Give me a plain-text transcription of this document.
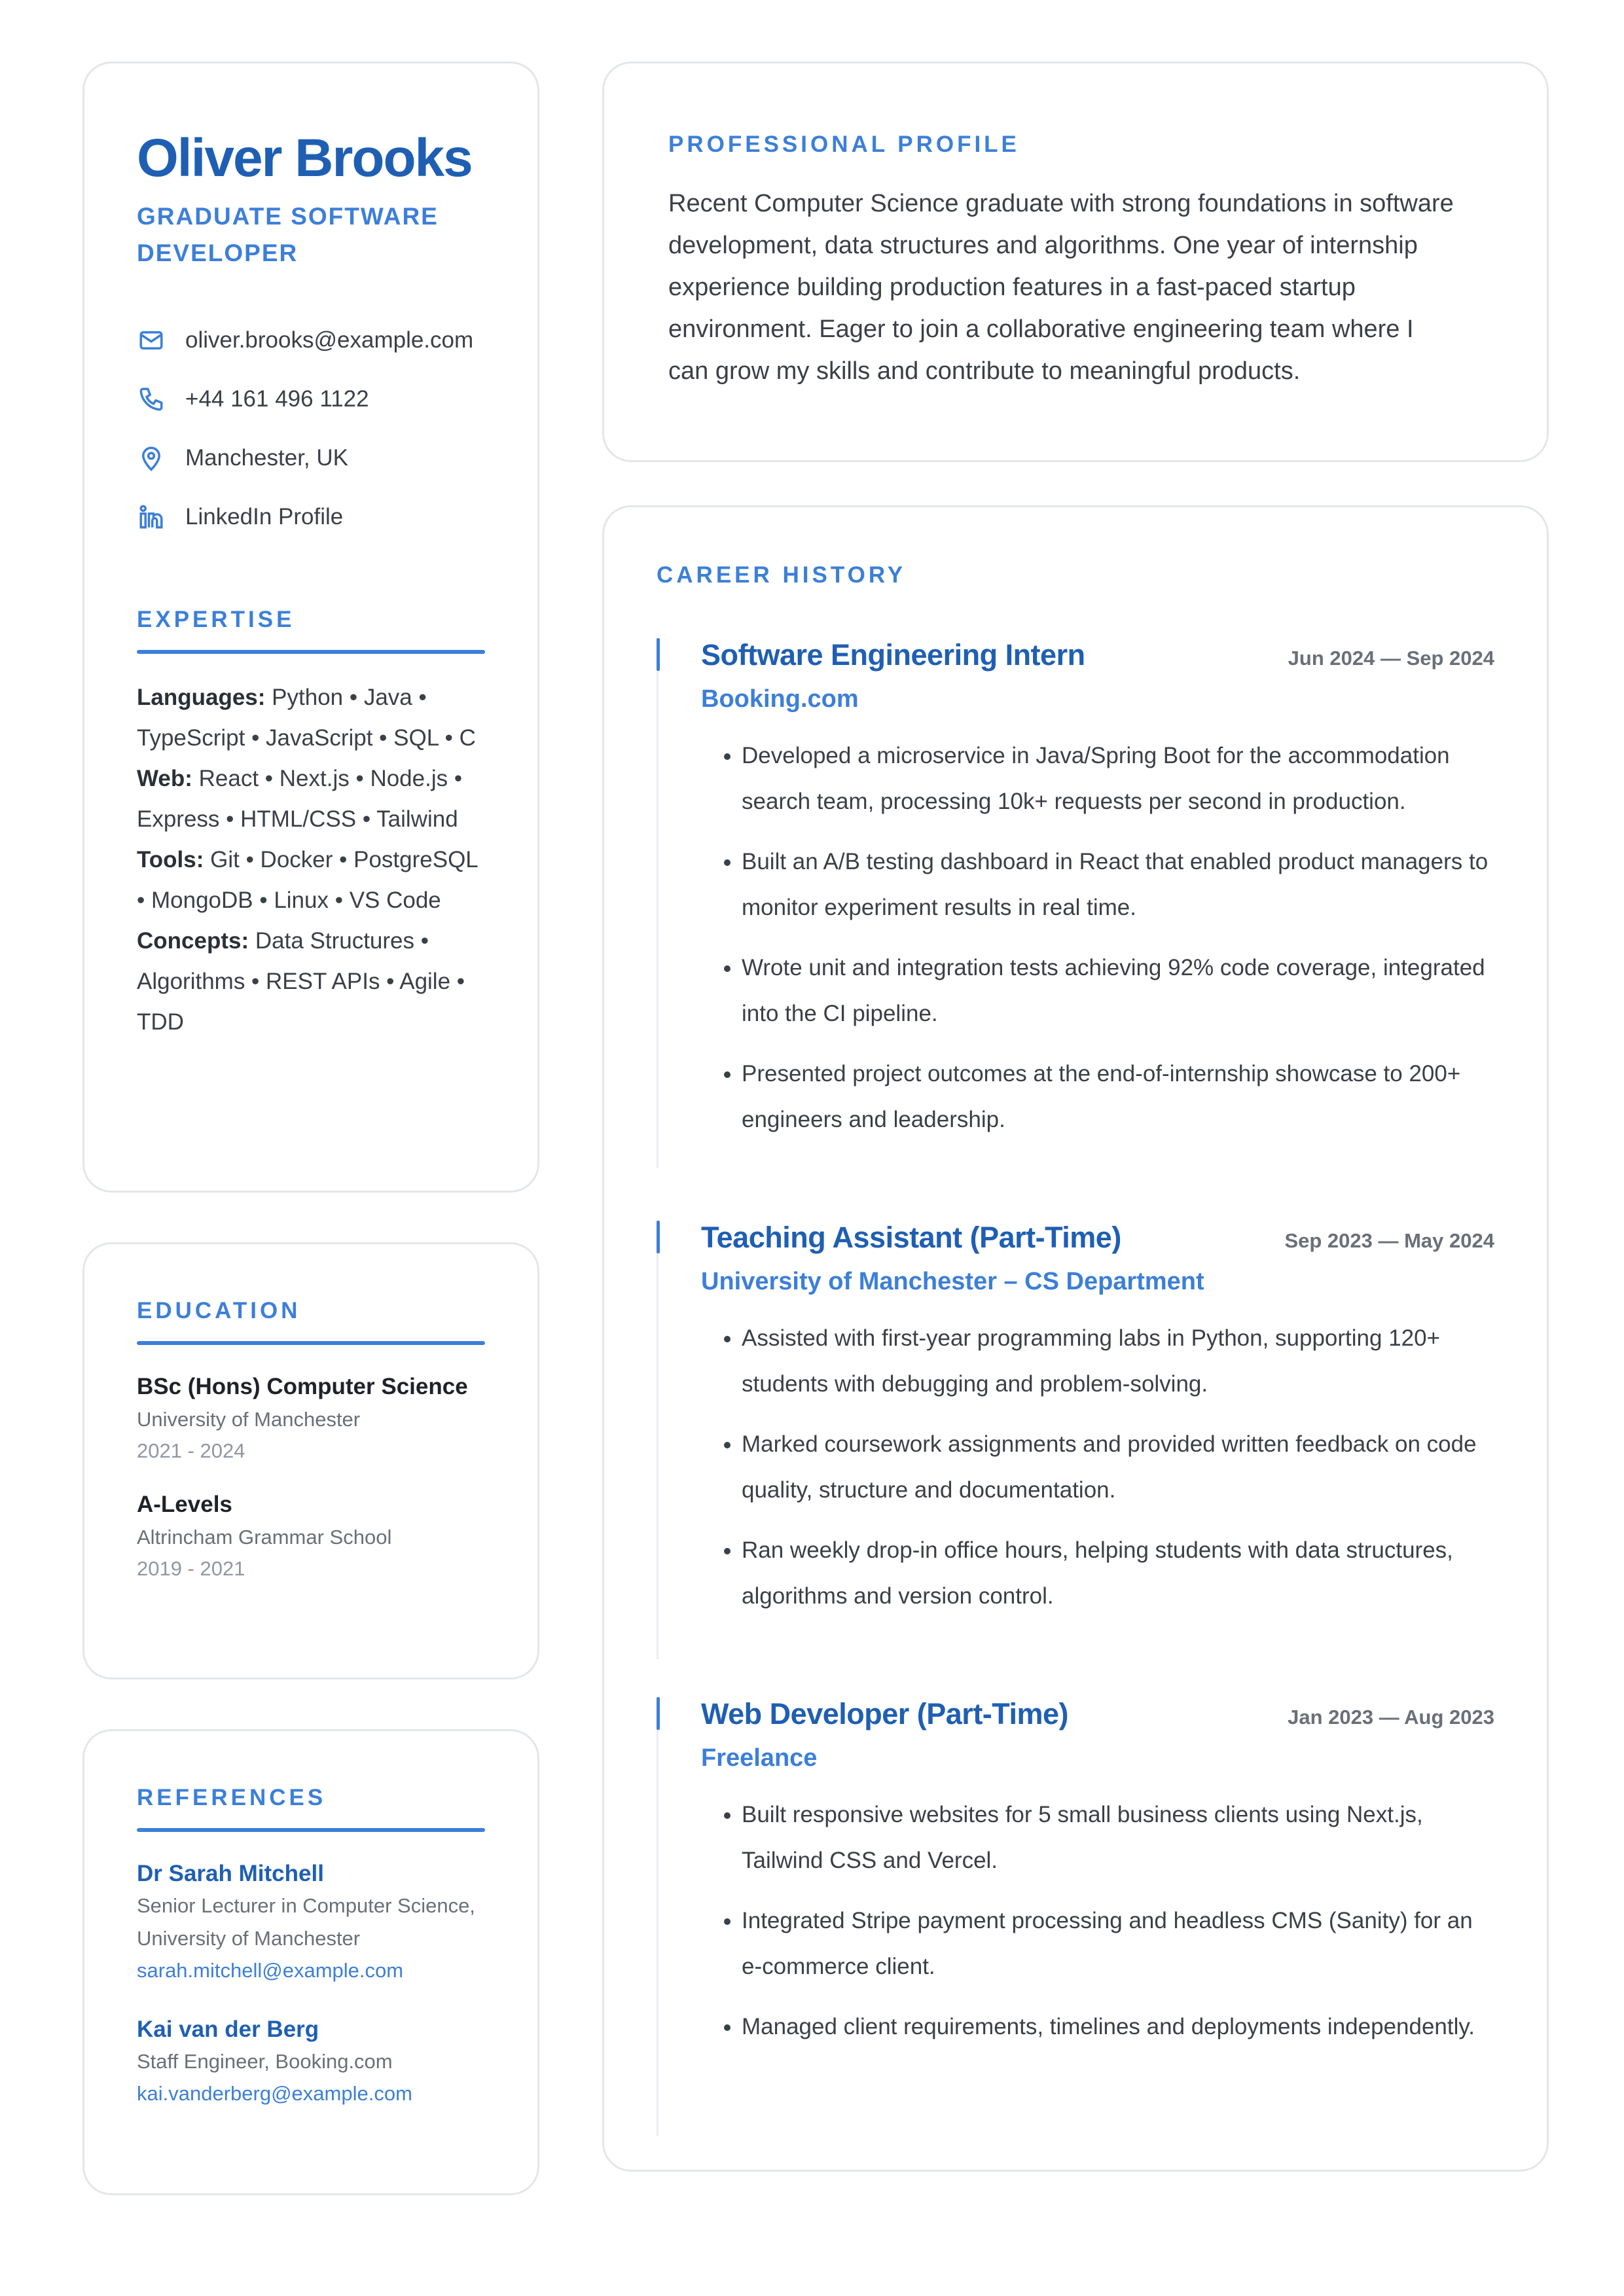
Oliver Brooks
GRADUATE SOFTWARE DEVELOPER
oliver.brooks@example.com
+44 161 496 1122
Manchester, UK
LinkedIn Profile
EXPERTISE
Languages: Python • Java • TypeScript • JavaScript • SQL • C
Web: React • Next.js • Node.js • Express • HTML/CSS • Tailwind
Tools: Git • Docker • PostgreSQL • MongoDB • Linux • VS Code
Concepts: Data Structures • Algorithms • REST APIs • Agile • TDD
EDUCATION
BSc (Hons) Computer Science
University of Manchester
2021 - 2024
A-Levels
Altrincham Grammar School
2019 - 2021
REFERENCES
Dr Sarah Mitchell
Senior Lecturer in Computer Science, University of Manchester
sarah.mitchell@example.com
Kai van der Berg
Staff Engineer, Booking.com
kai.vanderberg@example.com
PROFESSIONAL PROFILE
Recent Computer Science graduate with strong foundations in software development, data structures and algorithms. One year of internship experience building production features in a fast-paced startup environment. Eager to join a collaborative engineering team where I can grow my skills and contribute to meaningful products.
CAREER HISTORY
Software Engineering Intern	Jun 2024 — Sep 2024
Booking.com
• Developed a microservice in Java/Spring Boot for the accommodation search team, processing 10k+ requests per second in production.
• Built an A/B testing dashboard in React that enabled product managers to monitor experiment results in real time.
• Wrote unit and integration tests achieving 92% code coverage, integrated into the CI pipeline.
• Presented project outcomes at the end-of-internship showcase to 200+ engineers and leadership.
Teaching Assistant (Part-Time)	Sep 2023 — May 2024
University of Manchester – CS Department
• Assisted with first-year programming labs in Python, supporting 120+ students with debugging and problem-solving.
• Marked coursework assignments and provided written feedback on code quality, structure and documentation.
• Ran weekly drop-in office hours, helping students with data structures, algorithms and version control.
Web Developer (Part-Time)	Jan 2023 — Aug 2023
Freelance
• Built responsive websites for 5 small business clients using Next.js, Tailwind CSS and Vercel.
• Integrated Stripe payment processing and headless CMS (Sanity) for an e-commerce client.
• Managed client requirements, timelines and deployments independently.
